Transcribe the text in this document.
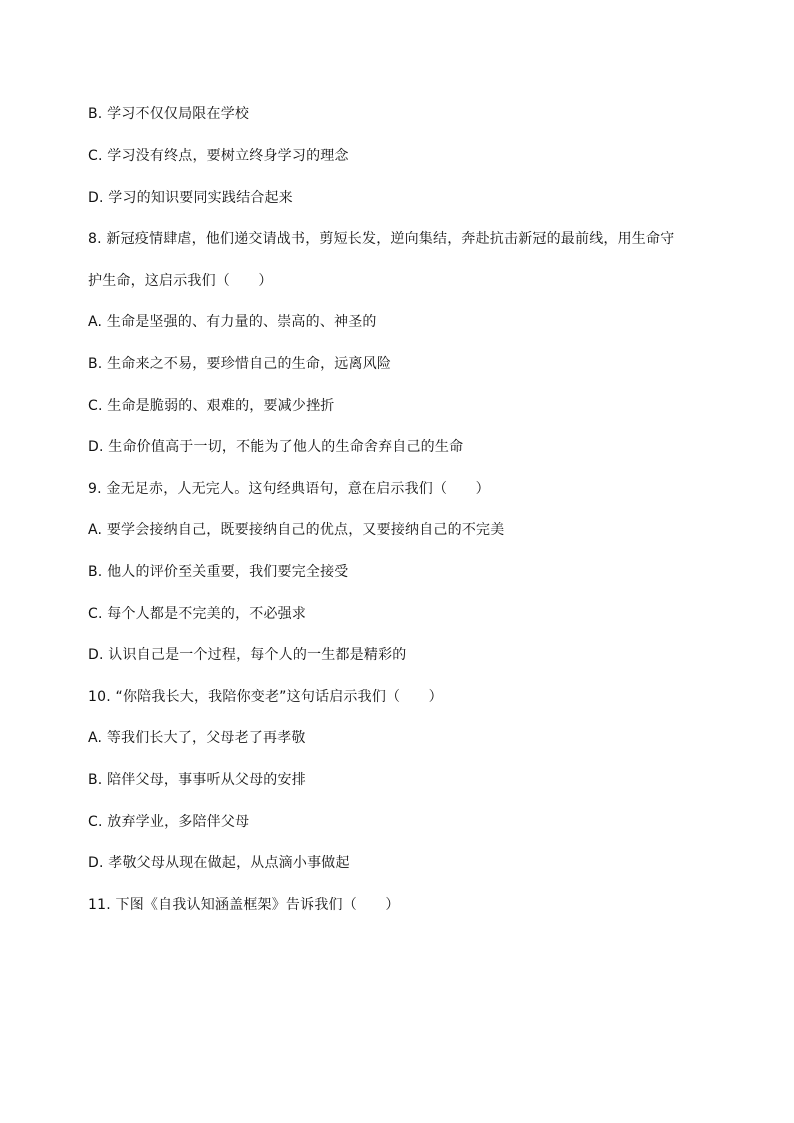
B. 学习不仅仅局限在学校
C. 学习没有终点，要树立终身学习的理念
D. 学习的知识要同实践结合起来
8. 新冠疫情肆虐，他们递交请战书，剪短长发，逆向集结，奔赴抗击新冠的最前线，用生命守
护生命，这启示我们（　　）
A. 生命是坚强的、有力量的、崇高的、神圣的
B. 生命来之不易，要珍惜自己的生命，远离风险
C. 生命是脆弱的、艰难的，要减少挫折
D. 生命价值高于一切，不能为了他人的生命舍弃自己的生命
9. 金无足赤，人无完人。这句经典语句，意在启示我们（　　）
A. 要学会接纳自己，既要接纳自己的优点，又要接纳自己的不完美
B. 他人的评价至关重要，我们要完全接受
C. 每个人都是不完美的，不必强求
D. 认识自己是一个过程，每个人的一生都是精彩的
10. “你陪我长大，我陪你变老”这句话启示我们（　　）
A. 等我们长大了，父母老了再孝敬
B. 陪伴父母，事事听从父母的安排
C. 放弃学业，多陪伴父母
D. 孝敬父母从现在做起，从点滴小事做起
11. 下图《自我认知涵盖框架》告诉我们（　　）
